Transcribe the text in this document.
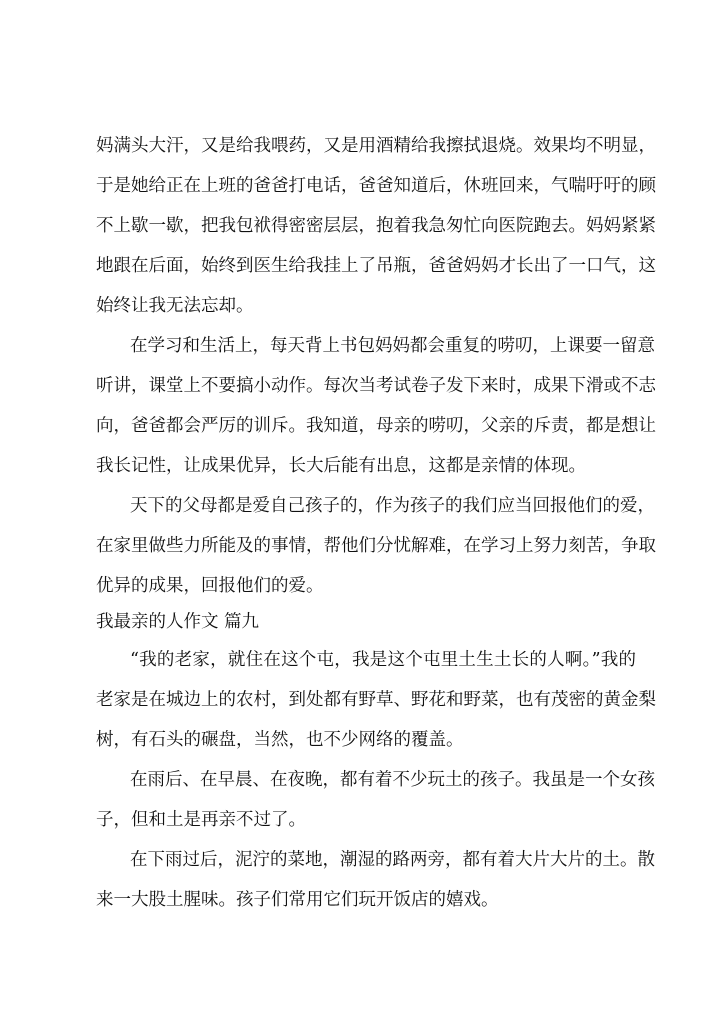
妈满头大汗，又是给我喂药，又是用酒精给我擦拭退烧。效果均不明显，

于是她给正在上班的爸爸打电话，爸爸知道后，休班回来，气喘吁吁的顾

不上歇一歇，把我包袱得密密层层，抱着我急匆忙向医院跑去。妈妈紧紧

地跟在后面，始终到医生给我挂上了吊瓶，爸爸妈妈才长出了一口气，这

始终让我无法忘却。

在学习和生活上，每天背上书包妈妈都会重复的唠叨，上课要一留意

听讲，课堂上不要搞小动作。每次当考试卷子发下来时，成果下滑或不志

向，爸爸都会严厉的训斥。我知道，母亲的唠叨，父亲的斥责，都是想让

我长记性，让成果优异，长大后能有出息，这都是亲情的体现。

天下的父母都是爱自己孩子的，作为孩子的我们应当回报他们的爱，

在家里做些力所能及的事情，帮他们分忧解难，在学习上努力刻苦，争取

优异的成果，回报他们的爱。

我最亲的人作文 篇九

“我的老家，就住在这个屯，我是这个屯里土生土长的人啊。”我的

老家是在城边上的农村，到处都有野草、野花和野菜，也有茂密的黄金梨

树，有石头的碾盘，当然，也不少网络的覆盖。

在雨后、在早晨、在夜晚，都有着不少玩土的孩子。我虽是一个女孩

子，但和土是再亲不过了。

在下雨过后，泥泞的菜地，潮湿的路两旁，都有着大片大片的土。散

来一大股土腥味。孩子们常用它们玩开饭店的嬉戏。
